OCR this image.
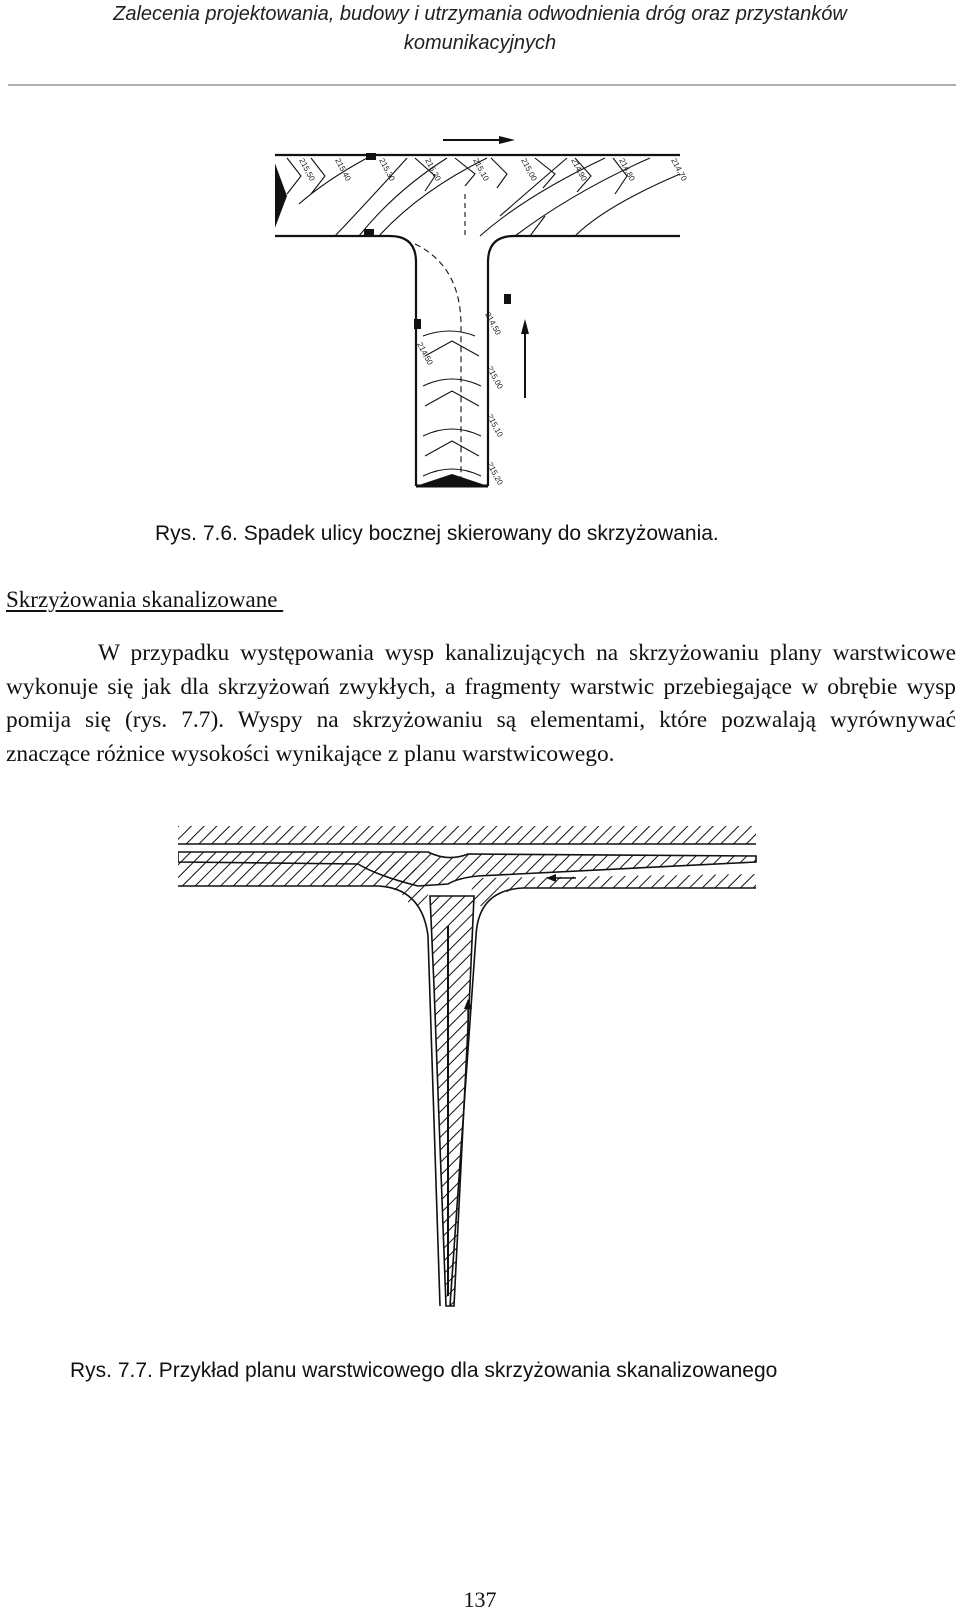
Zalecenia projektowania, budowy i utrzymania odwodnienia dróg oraz przystanków
komunikacyjnych
215,50 215,40	215,30	215,20	215,10	215,00	214,90	214,80	214,70
214,50
214,50
215,00
215,10
215,20
Rys. 7.6. Spadek ulicy bocznej skierowany do skrzyżowania.
Skrzyżowania skanalizowane
W przypadku występowania wysp kanalizujących na skrzyżowaniu plany warstwicowe wykonuje się jak dla skrzyżowań zwykłych, a fragmenty warstwic przebiegające w obrębie wysp pomija się (rys. 7.7). Wyspy na skrzyżowaniu są elementami, które pozwalają wyrównywać znaczące różnice wysokości wynikające z planu warstwicowego.
Rys. 7.7. Przykład planu warstwicowego dla skrzyżowania skanalizowanego
137
